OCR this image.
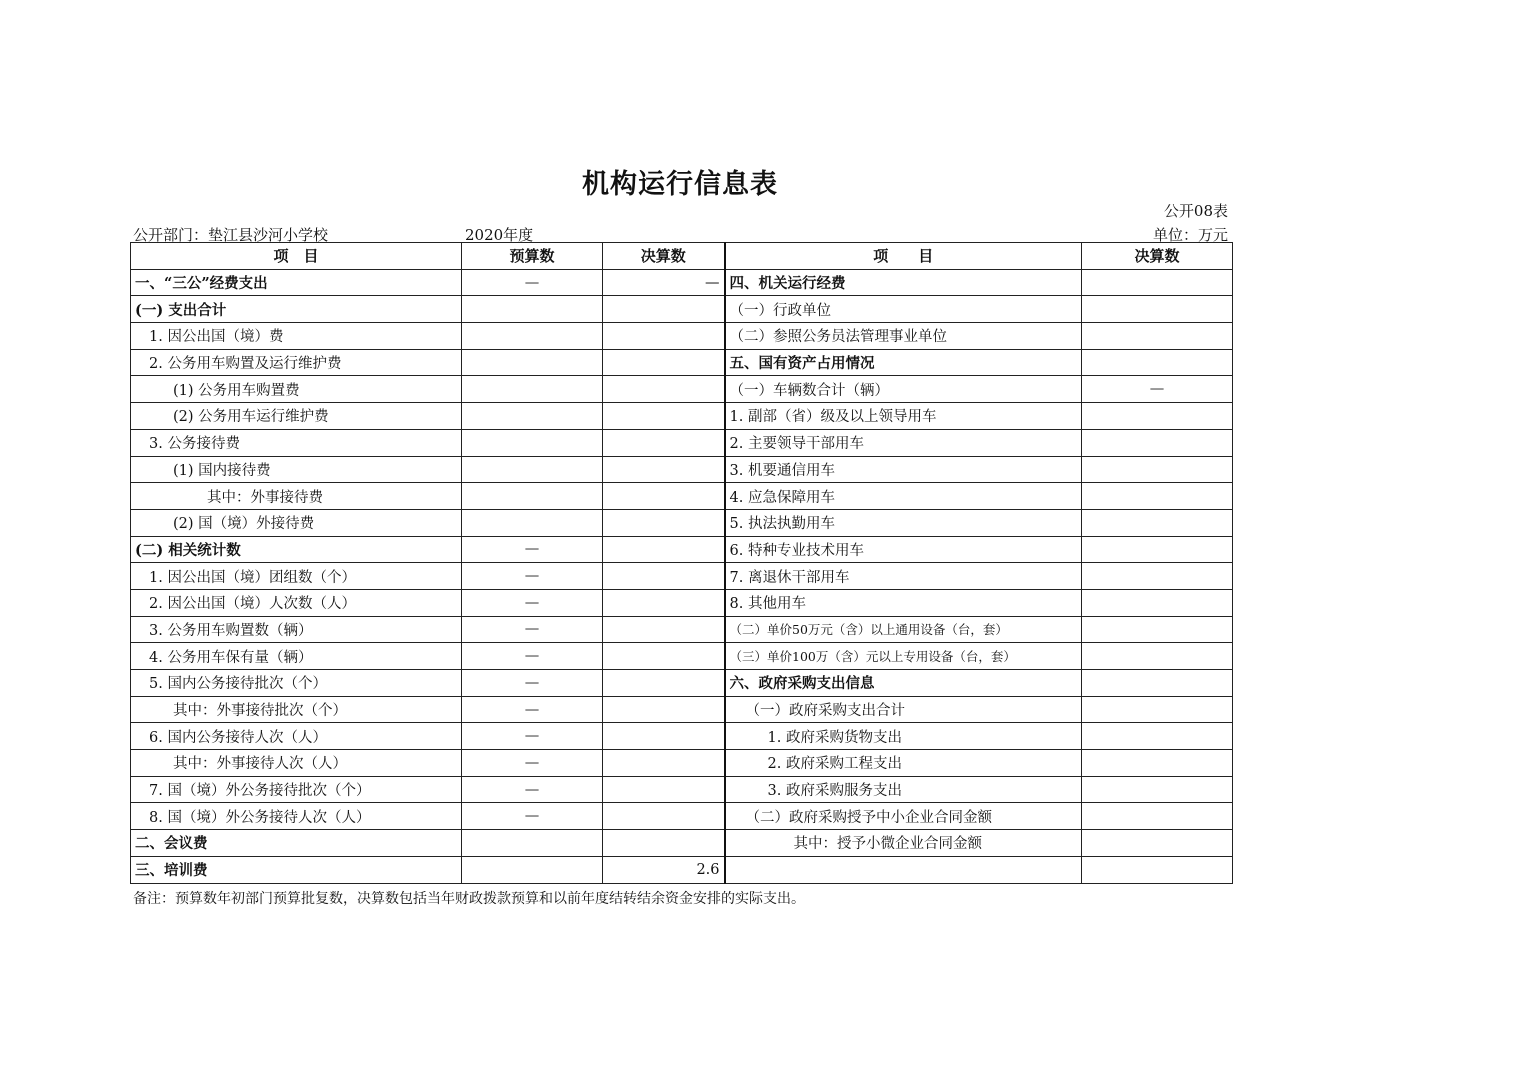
机构运行信息表
公开08表
公开部门：垫江县沙河小学校	2020年度	单位：万元
项　目	预算数	决算数	项　　目	决算数
一、“三公”经费支出	—	—	四、机关运行经费	
(一) 支出合计			（一）行政单位	
1. 因公出国（境）费			（二）参照公务员法管理事业单位	
2. 公务用车购置及运行维护费			五、国有资产占用情况	
(1) 公务用车购置费			（一）车辆数合计（辆）	—
(2) 公务用车运行维护费			1. 副部（省）级及以上领导用车	
3. 公务接待费			2. 主要领导干部用车	
(1) 国内接待费			3. 机要通信用车	
其中：外事接待费			4. 应急保障用车	
(2) 国（境）外接待费			5. 执法执勤用车	
(二) 相关统计数	—		6. 特种专业技术用车	
1. 因公出国（境）团组数（个）	—		7. 离退休干部用车	
2. 因公出国（境）人次数（人）	—		8. 其他用车	
3. 公务用车购置数（辆）	—		（二）单价50万元（含）以上通用设备（台，套）	
4. 公务用车保有量（辆）	—		（三）单价100万（含）元以上专用设备（台，套）	
5. 国内公务接待批次（个）	—		六、政府采购支出信息	
其中：外事接待批次（个）	—		（一）政府采购支出合计	
6. 国内公务接待人次（人）	—		1. 政府采购货物支出	
其中：外事接待人次（人）	—		2. 政府采购工程支出	
7. 国（境）外公务接待批次（个）	—		3. 政府采购服务支出	
8. 国（境）外公务接待人次（人）	—		（二）政府采购授予中小企业合同金额	
二、会议费			其中：授予小微企业合同金额	
三、培训费		2.6		
备注：预算数年初部门预算批复数，决算数包括当年财政拨款预算和以前年度结转结余资金安排的实际支出。
